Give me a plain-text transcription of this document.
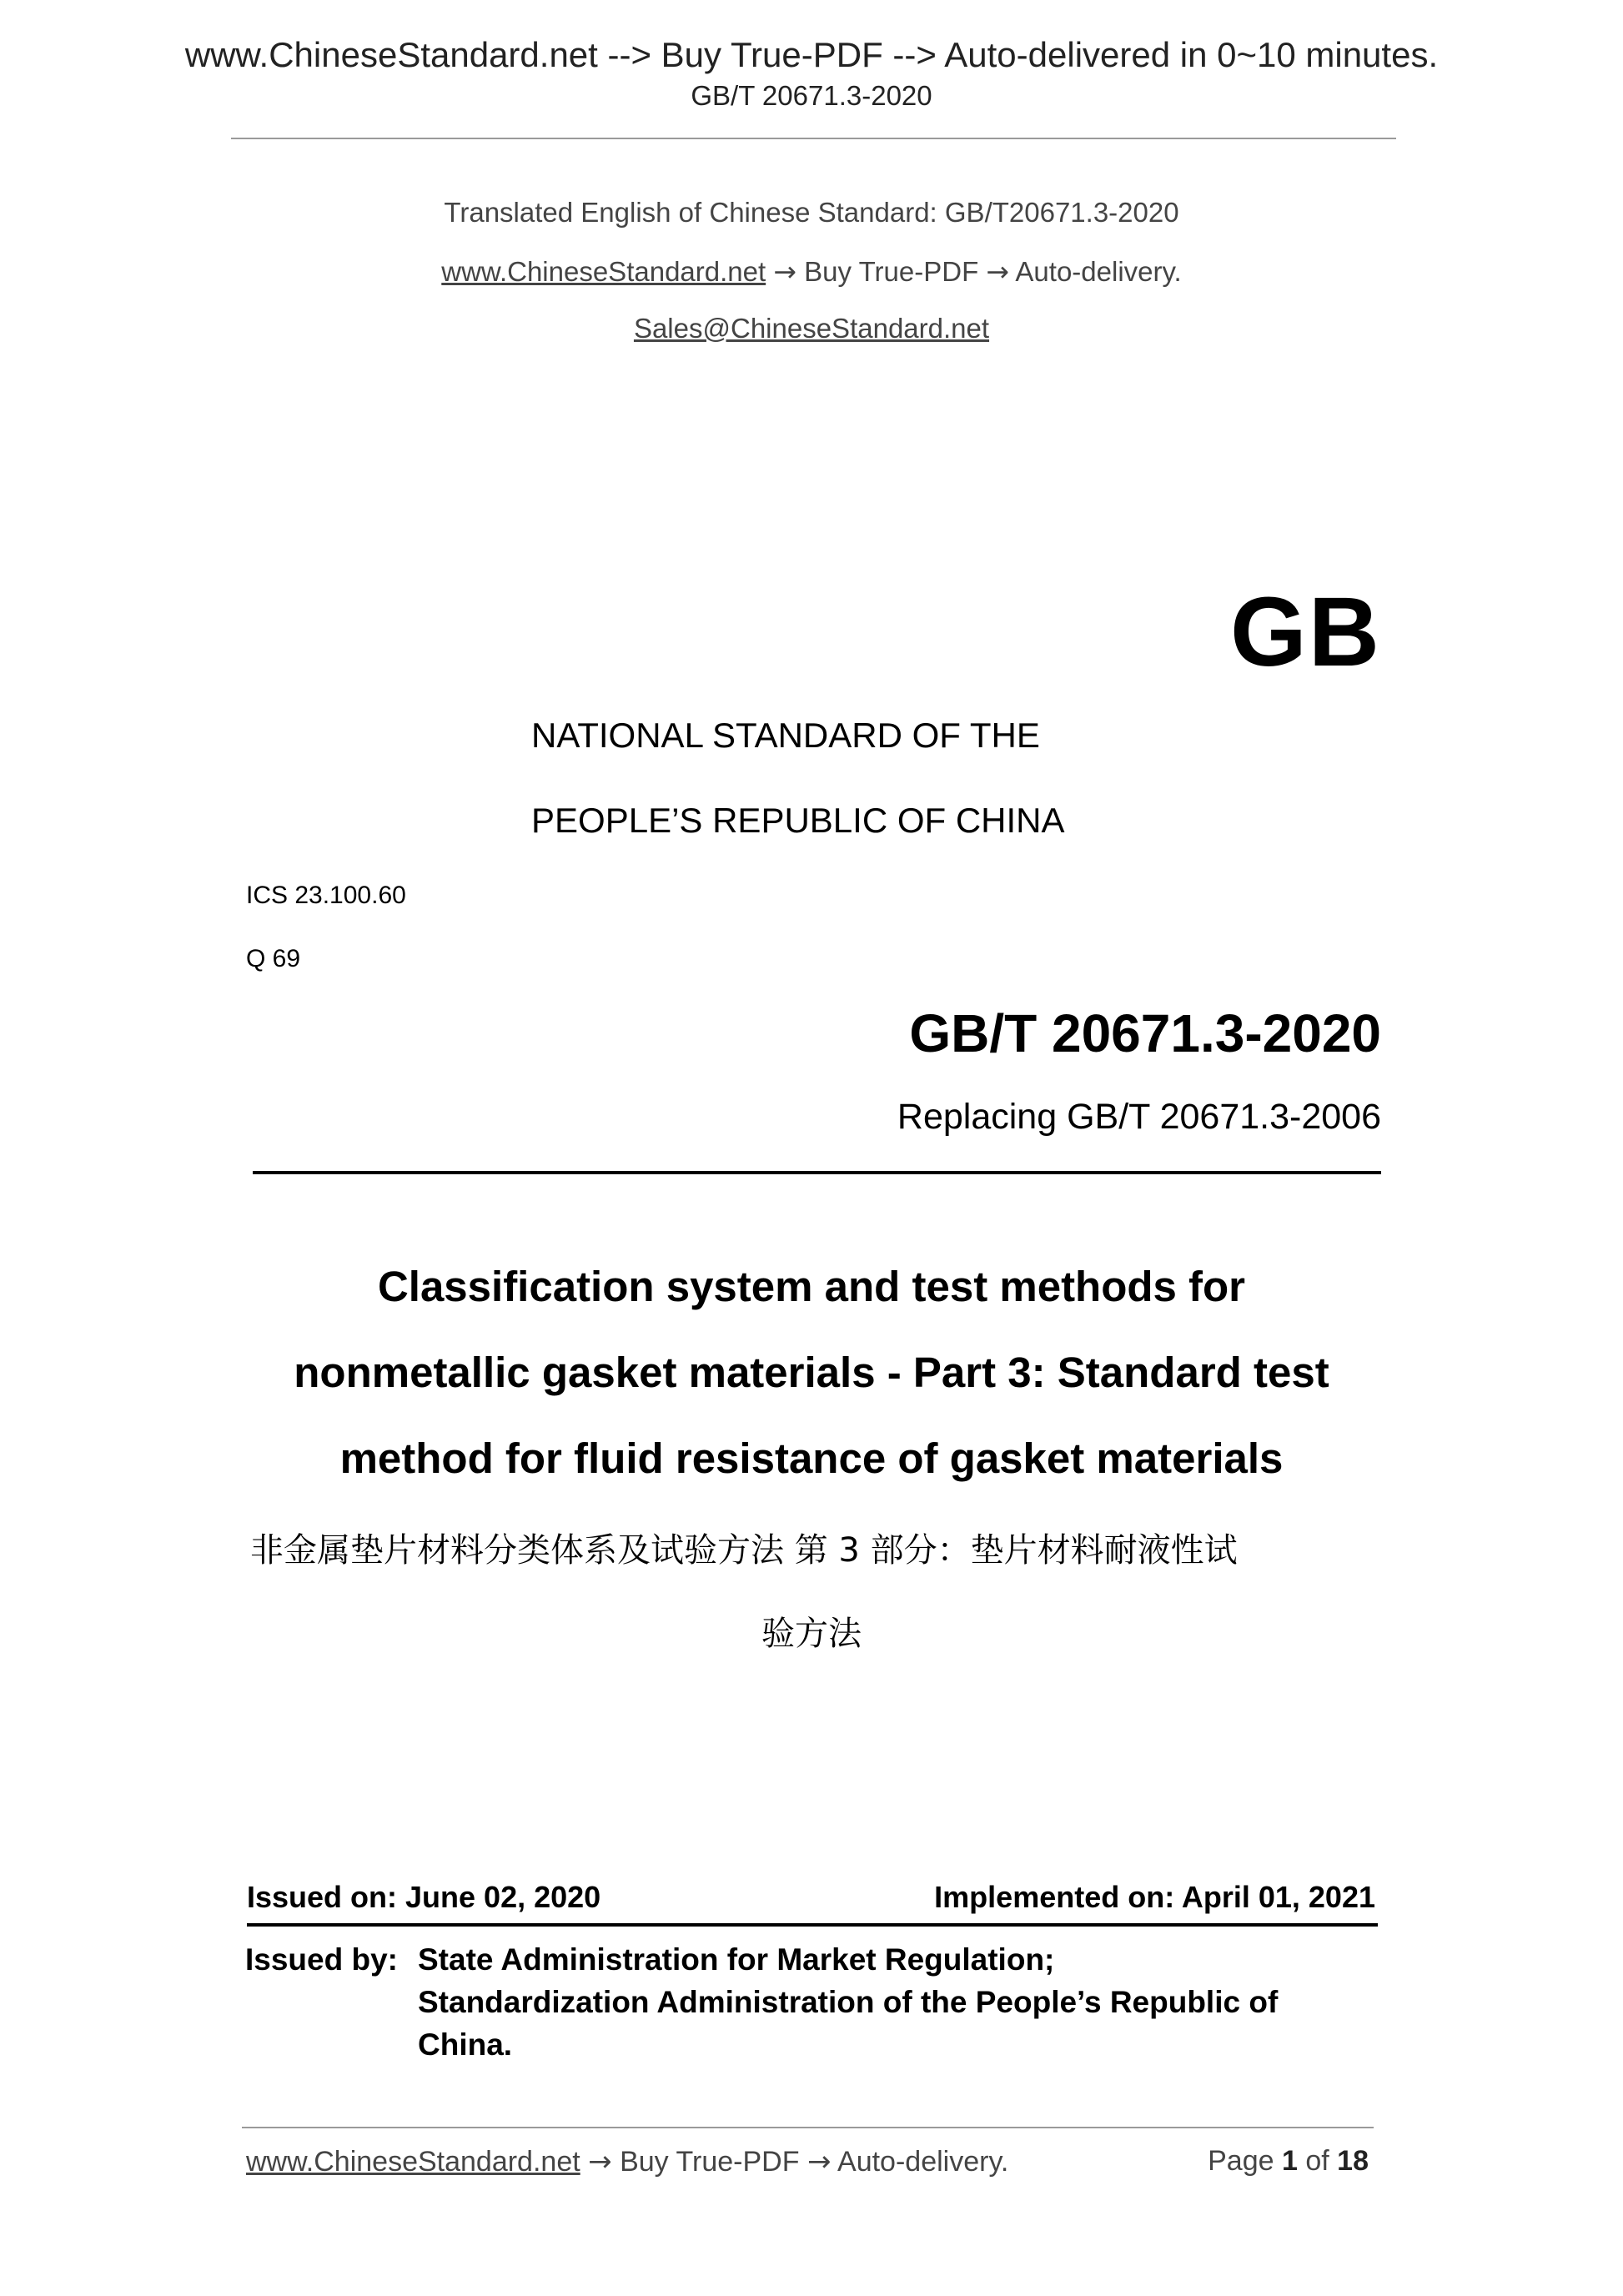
www.ChineseStandard.net --> Buy True-PDF --> Auto-delivered in 0~10 minutes.
GB/T 20671.3-2020
Translated English of Chinese Standard: GB/T20671.3-2020
www.ChineseStandard.net → Buy True-PDF → Auto-delivery.
Sales@ChineseStandard.net
GB
NATIONAL STANDARD OF THE
PEOPLE’S REPUBLIC OF CHINA
ICS 23.100.60
Q 69
GB/T 20671.3-2020
Replacing GB/T 20671.3-2006
Classification system and test methods for
nonmetallic gasket materials - Part 3: Standard test
method for fluid resistance of gasket materials
非金属垫片材料分类体系及试验方法 第 3 部分：垫片材料耐液性试
验方法
Issued on: June 02, 2020	Implemented on: April 01, 2021
Issued by: State Administration for Market Regulation;
Standardization Administration of the People’s Republic of
China.
www.ChineseStandard.net → Buy True-PDF → Auto-delivery.	Page 1 of 18
